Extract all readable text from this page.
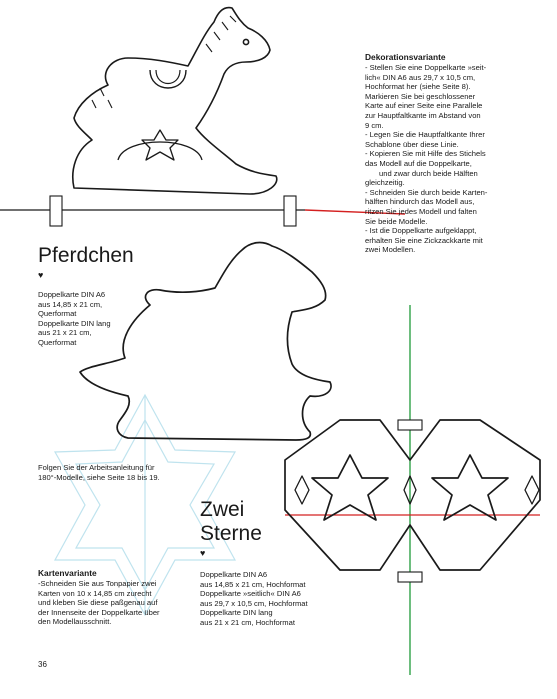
Dekorationsvariante
- Stellen Sie eine Doppelkarte »seit-
lich« DIN A6 aus 29,7 x 10,5 cm,
Hochformat her (siehe Seite 8).
Markieren Sie bei geschlossener
Karte auf einer Seite eine Parallele
zur Hauptfaltkante im Abstand von
9 cm.
- Legen Sie die Hauptfaltkante Ihrer
Schablone über diese Linie.
- Kopieren Sie mit Hilfe des Stichels
das Modell auf die Doppelkarte,
und zwar durch beide Hälften
gleichzeitig.
- Schneiden Sie durch beide Karten-
hälften hindurch das Modell aus,
ritzen Sie jedes Modell und falten
Sie beide Modelle.
- Ist die Doppelkarte aufgeklappt,
erhalten Sie eine Zickzackkarte mit
zwei Modellen.
Pferdchen
♥
Doppelkarte DIN A6
aus 14,85 x 21 cm,
Querformat
Doppelkarte DIN lang
aus 21 x 21 cm,
Querformat
Folgen Sie der Arbeitsanleitung für
180°-Modelle, siehe Seite 18 bis 19.
Zwei
Sterne
♥
Doppelkarte DIN A6
aus 14,85 x 21 cm, Hochformat
Doppelkarte »seitlich« DIN A6
aus 29,7 x 10,5 cm, Hochformat
Doppelkarte DIN lang
aus 21 x 21 cm, Hochformat
Kartenvariante
-Schneiden Sie aus Tonpapier zwei
Karten von 10 x 14,85 cm zurecht
und kleben Sie diese paßgenau auf
der Innenseite der Doppelkarte über
den Modellausschnitt.
36
